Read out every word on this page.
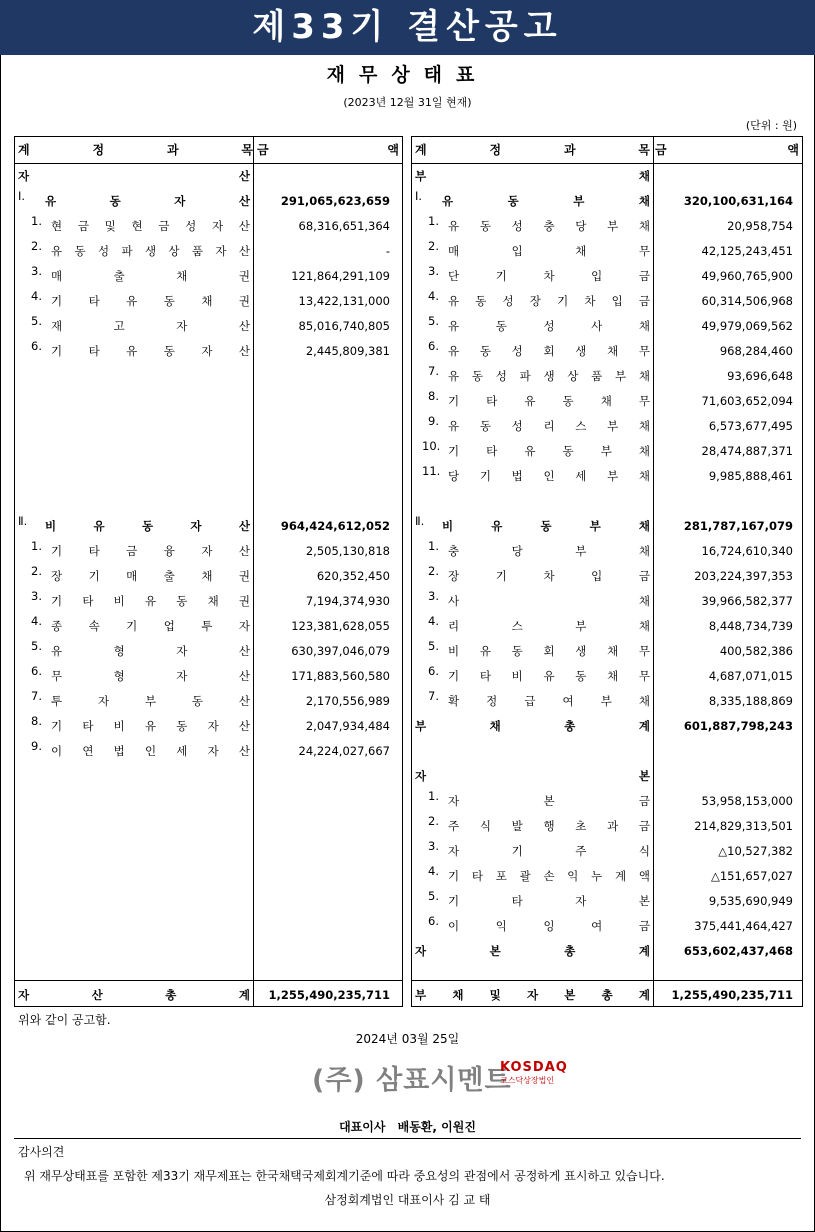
제33기 결산공고
재무상태표
(2023년 12월 31일 현재)
(단위 : 원)
계	정	과	목 금	액
자	산
Ⅰ. 유	동	자	산	291,065,623,659
1. 현 금 및 현 금 성 자 산	68,316,651,364
2. 유 동 성 파 생 상 품 자 산	-
3. 매	출	채	권	121,864,291,109
4. 기 타 유 동 채 권	13,422,131,000
5. 재	고	자	산	85,016,740,805
6. 기 타 유 동 자 산	2,445,809,381
Ⅱ. 비	유	동	자	산	964,424,612,052
1. 기 타 금 융 자 산	2,505,130,818
2. 장 기 매 출 채 권	620,352,450
3. 기 타 비 유 동 채 권	7,194,374,930
4. 종 속 기 업 투 자	123,381,628,055
5. 유	형	자	산	630,397,046,079
6. 무	형	자	산	171,883,560,580
7. 투	자	부	동	산	2,170,556,989
8. 기 타 비 유 동 자 산	2,047,934,484
9. 이 연 법 인 세 자 산	24,224,027,667
자	산	총	계	1,255,490,235,711
계	정	과	목 금	액
부	채
Ⅰ. 유	동	부	채	320,100,631,164
1. 유 동 성 충 당 부 채	20,958,754
2. 매	입	채	무	42,125,243,451
3. 단	기	차	입	금	49,960,765,900
4. 유 동 성 장 기 차 입 금	60,314,506,968
5. 유	동	성	사	채	49,979,069,562
6. 유 동 성 회 생 채 무	968,284,460
7. 유 동 성 파 생 상 품 부 채	93,696,648
8. 기 타 유 동 채 무	71,603,652,094
9. 유 동 성 리 스 부 채	6,573,677,495
10. 기 타 유 동 부 채	28,474,887,371
11. 당 기 법 인 세 부 채	9,985,888,461
Ⅱ. 비	유	동	부	채	281,787,167,079
1. 충	당	부	채	16,724,610,340
2. 장	기	차	입	금	203,224,397,353
3. 사	채	39,966,582,377
4. 리	스	부	채	8,448,734,739
5. 비 유 동 회 생 채 무	400,582,386
6. 기 타 비 유 동 채 무	4,687,071,015
7. 확 정 급 여 부 채	8,335,188,869
부	채	총	계	601,887,798,243
자	본
1. 자	본	금	53,958,153,000
2. 주 식 발 행 초 과 금	214,829,313,501
3. 자	기	주	식	△10,527,382
4. 기 타 포 괄 손 익 누 계 액	△151,657,027
5. 기	타	자	본	9,535,690,949
6. 이	익	잉	여	금	375,441,464,427
자	본	총	계	653,602,437,468
부 채 및 자 본 총 계	1,255,490,235,711
위와 같이 공고함.
2024년 03월 25일
(주) 삼표시멘트
KOSDAQ
코스닥상장법인
대표이사 배동환, 이원진
감사의견
위 재무상태표를 포함한 제33기 재무제표는 한국채택국제회계기준에 따라 중요성의 관점에서 공정하게 표시하고 있습니다.
삼정회계법인 대표이사 김 교 태
